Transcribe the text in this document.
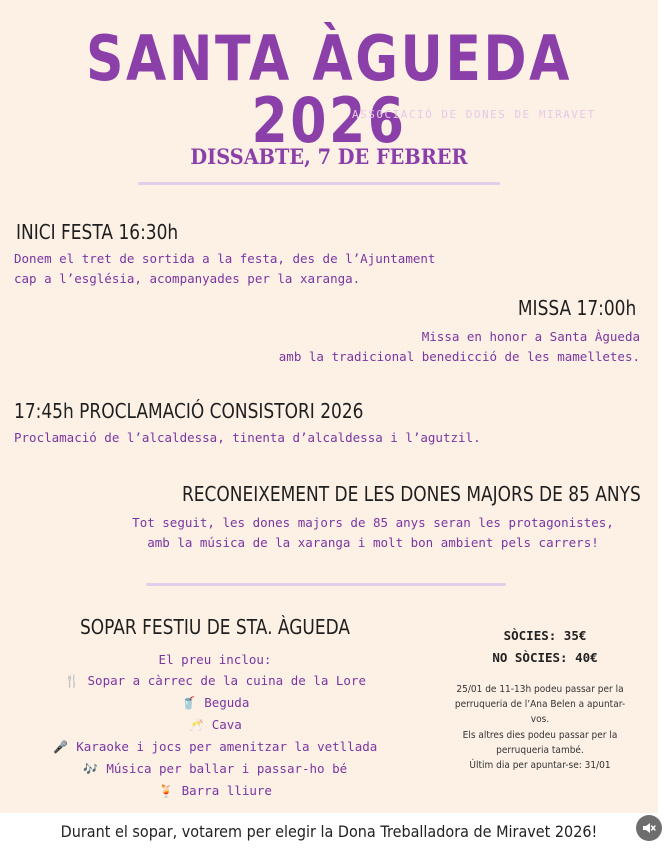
SANTA ÀGUEDA 2026
ASSOCIACIÓ DE DONES DE MIRAVET
DISSABTE, 7 DE FEBRER
INICI FESTA 16:30h
Donem el tret de sortida a la festa, des de l’Ajuntament
cap a l’església, acompanyades per la xaranga.
MISSA 17:00h
Missa en honor a Santa Àgueda
amb la tradicional benedicció de les mamelletes.
17:45h PROCLAMACIÓ CONSISTORI 2026
Proclamació de l’alcaldessa, tinenta d’alcaldessa i l’agutzil.
RECONEIXEMENT DE LES DONES MAJORS DE 85 ANYS
Tot seguit, les dones majors de 85 anys seran les protagonistes,
amb la música de la xaranga i molt bon ambient pels carrers!
SOPAR FESTIU DE STA. ÀGUEDA
El preu inclou:
🍴 Sopar a càrrec de la cuina de la Lore
🥤 Beguda
🥂 Cava
🎤 Karaoke i jocs per amenitzar la vetllada
🎶 Música per ballar i passar-ho bé
🍹 Barra lliure
SÒCIES: 35€
NO SÒCIES: 40€
25/01 de 11-13h podeu passar per la
perruqueria de l’Ana Belen a apuntar-vos.
Els altres dies podeu passar per la
perruqueria també.
Últim dia per apuntar-se: 31/01
Durant el sopar, votarem per elegir la Dona Treballadora de Miravet 2026!
